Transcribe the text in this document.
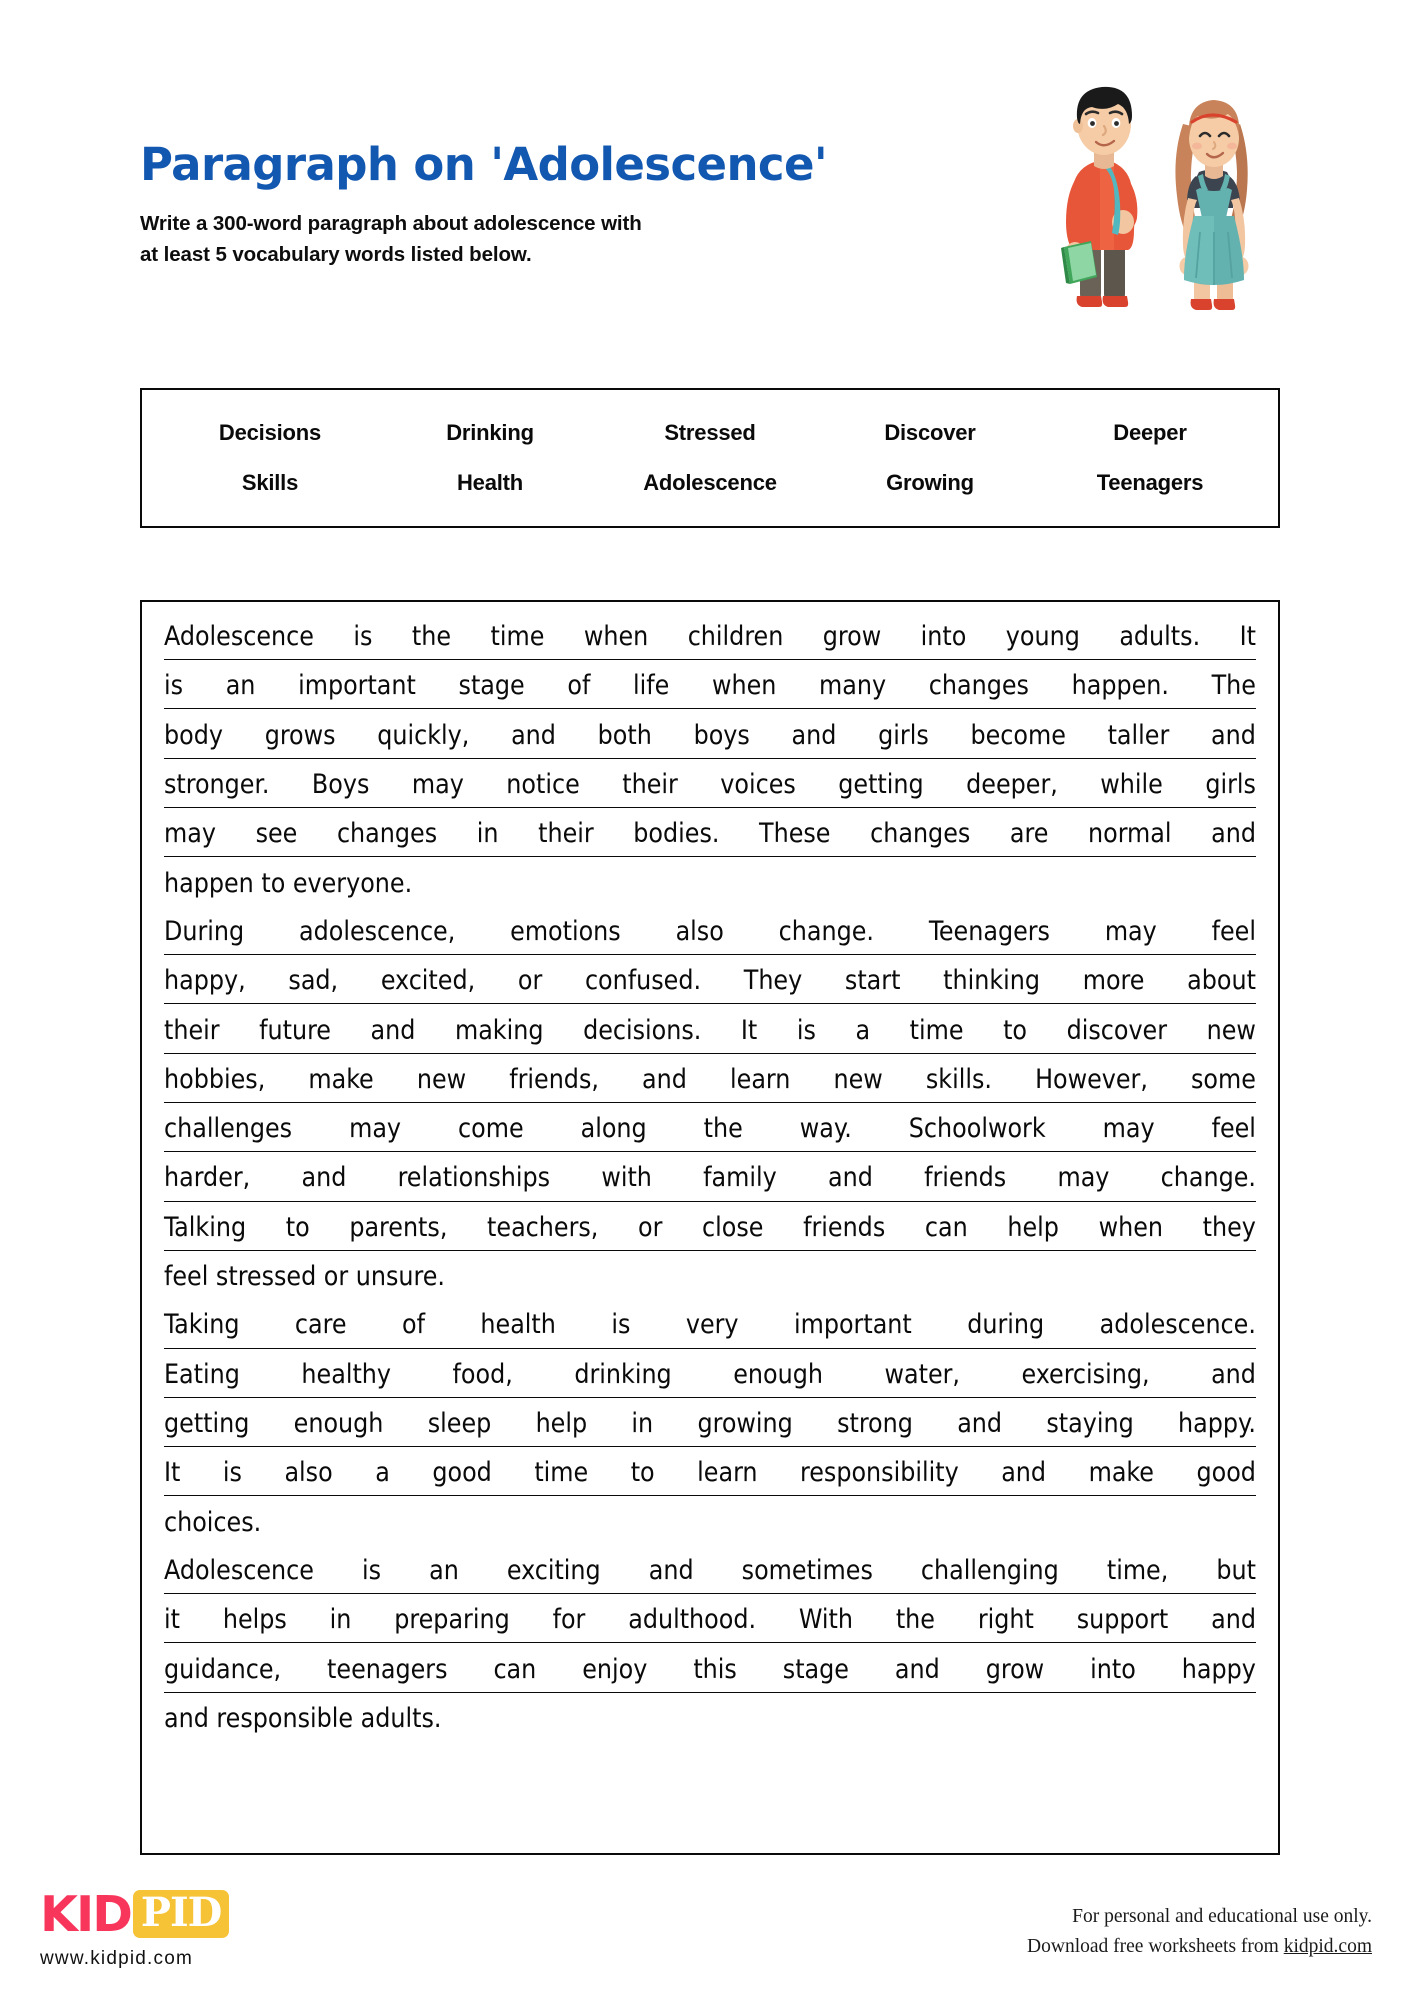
Paragraph on 'Adolescence'
Write a 300-word paragraph about adolescence with
at least 5 vocabulary words listed below.
Decisions	Drinking	Stressed	Discover	Deeper
Skills	Health	Adolescence	Growing	Teenagers

Adolescence is the time when children grow into young adults. It
is an important stage of life when many changes happen. The
body grows quickly, and both boys and girls become taller and
stronger. Boys may notice their voices getting deeper, while girls
may see changes in their bodies. These changes are normal and
happen to everyone.

During adolescence, emotions also change. Teenagers may feel
happy, sad, excited, or confused. They start thinking more about
their future and making decisions. It is a time to discover new
hobbies, make new friends, and learn new skills. However, some
challenges may come along the way. Schoolwork may feel
harder, and relationships with family and friends may change.
Talking to parents, teachers, or close friends can help when they
feel stressed or unsure.

Taking care of health is very important during adolescence.
Eating healthy food, drinking enough water, exercising, and
getting enough sleep help in growing strong and staying happy.
It is also a good time to learn responsibility and make good
choices.

Adolescence is an exciting and sometimes challenging time, but
it helps in preparing for adulthood. With the right support and
guidance, teenagers can enjoy this stage and grow into happy
and responsible adults.

KID PID
www.kidpid.com
For personal and educational use only.
Download free worksheets from kidpid.com
